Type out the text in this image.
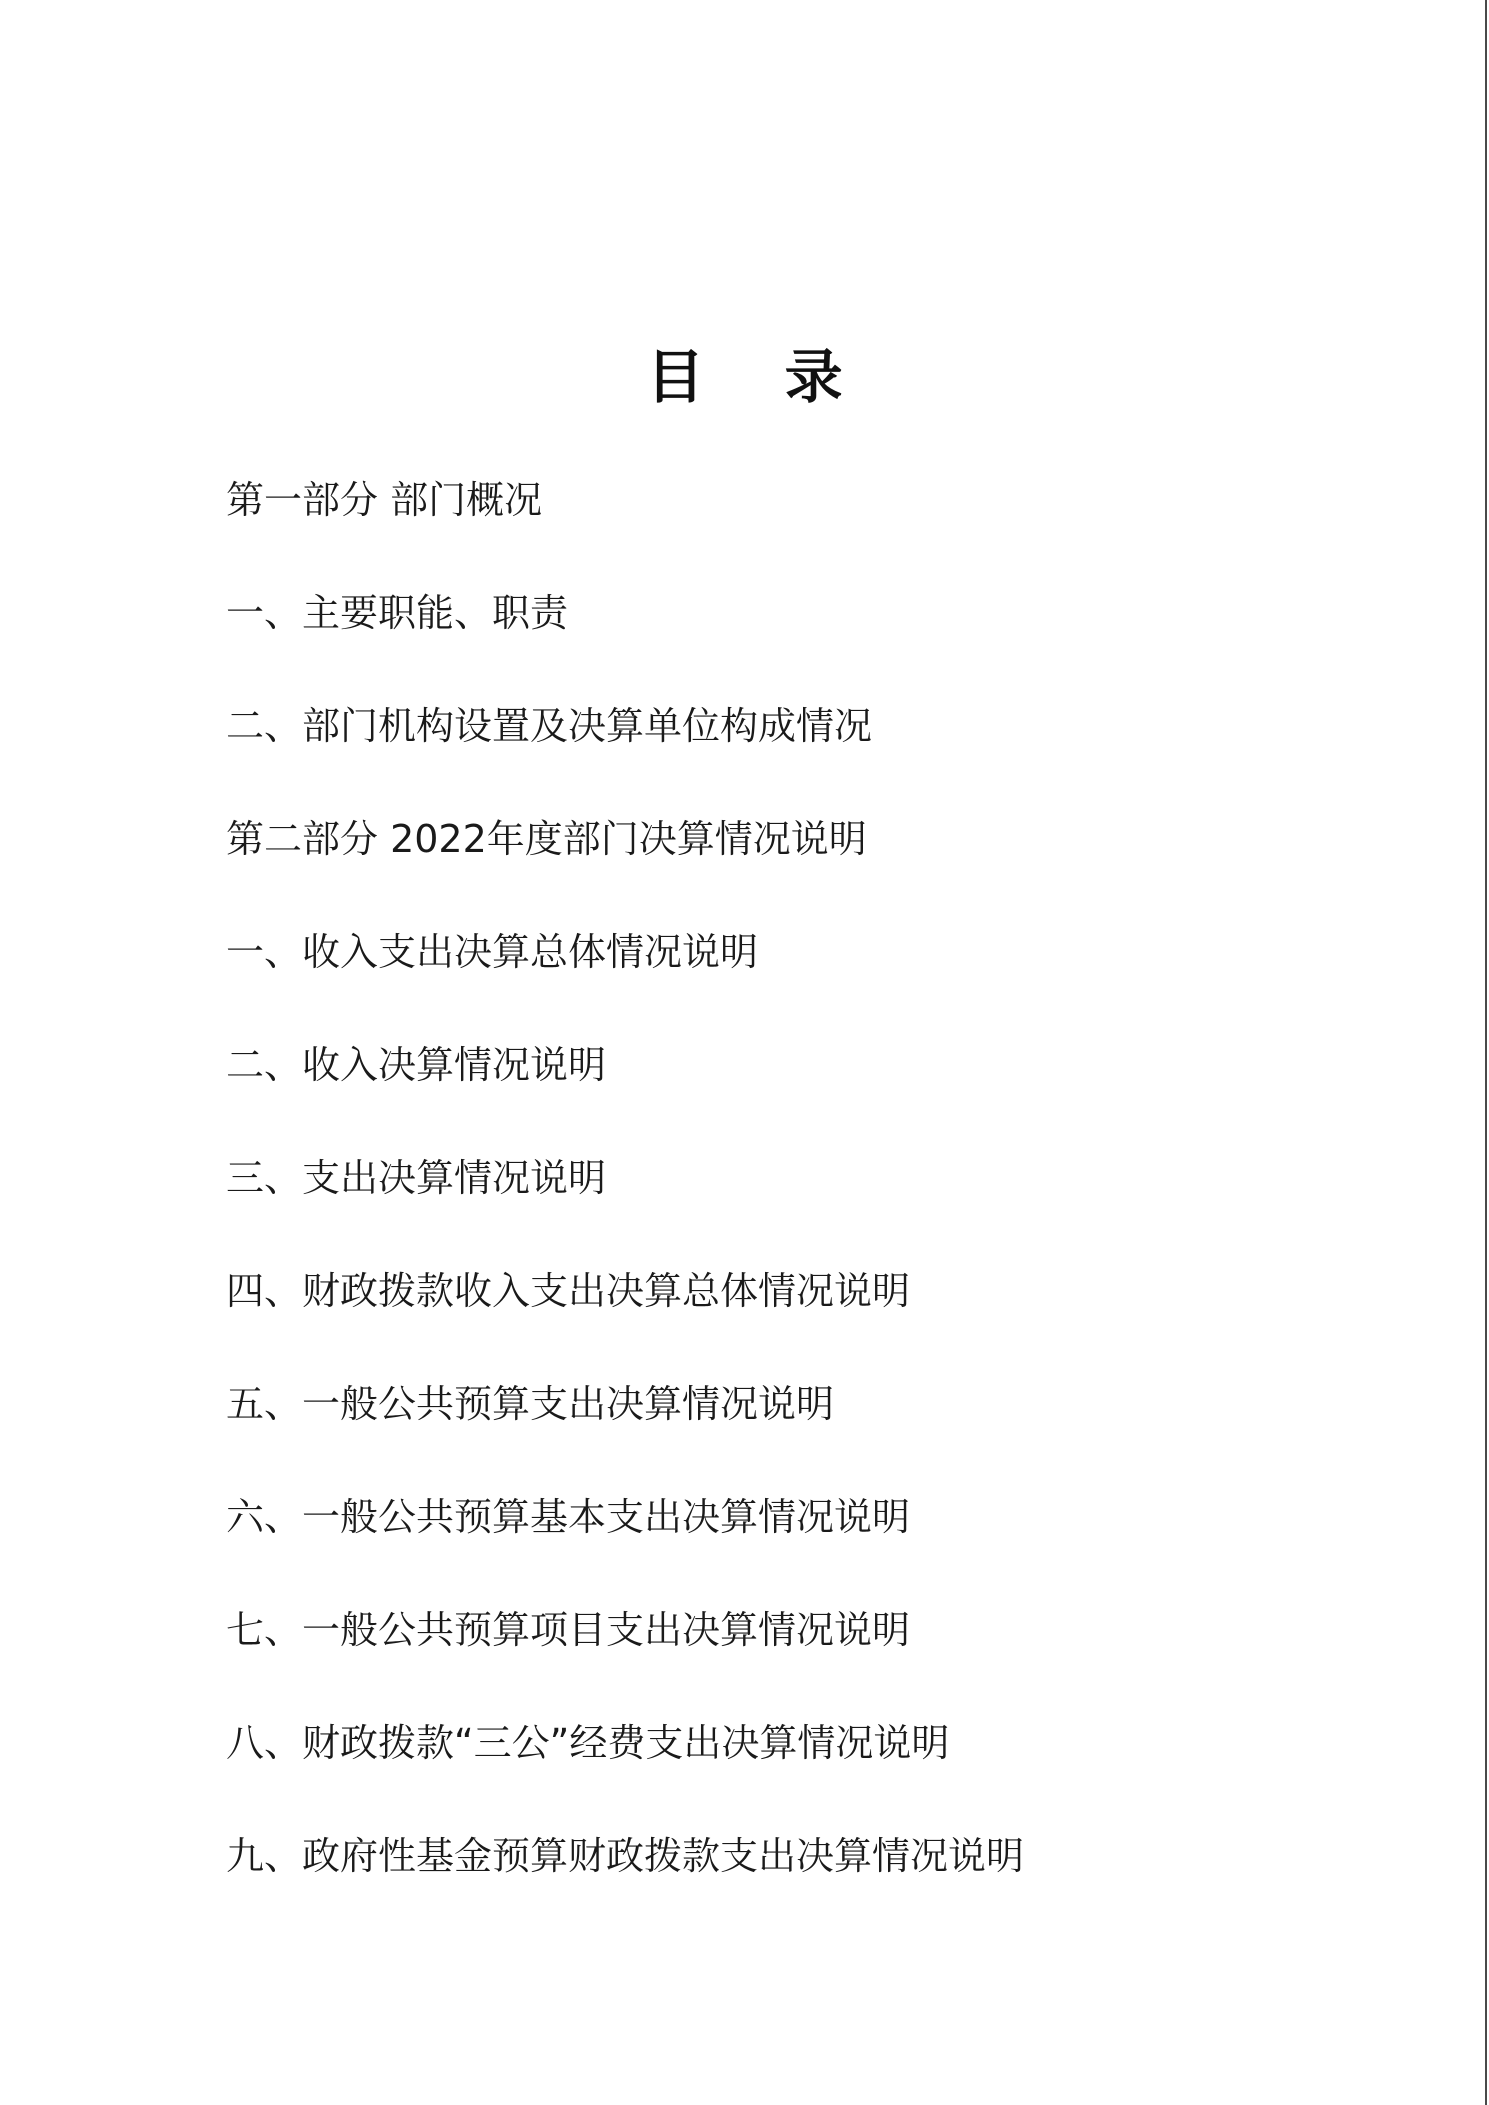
目 录
第一部分 部门概况
一、主要职能、职责
二、部门机构设置及决算单位构成情况
第二部分 2022年度部门决算情况说明
一、收入支出决算总体情况说明
二、收入决算情况说明
三、支出决算情况说明
四、财政拨款收入支出决算总体情况说明
五、一般公共预算支出决算情况说明
六、一般公共预算基本支出决算情况说明
七、一般公共预算项目支出决算情况说明
八、财政拨款“三公”经费支出决算情况说明
九、政府性基金预算财政拨款支出决算情况说明
